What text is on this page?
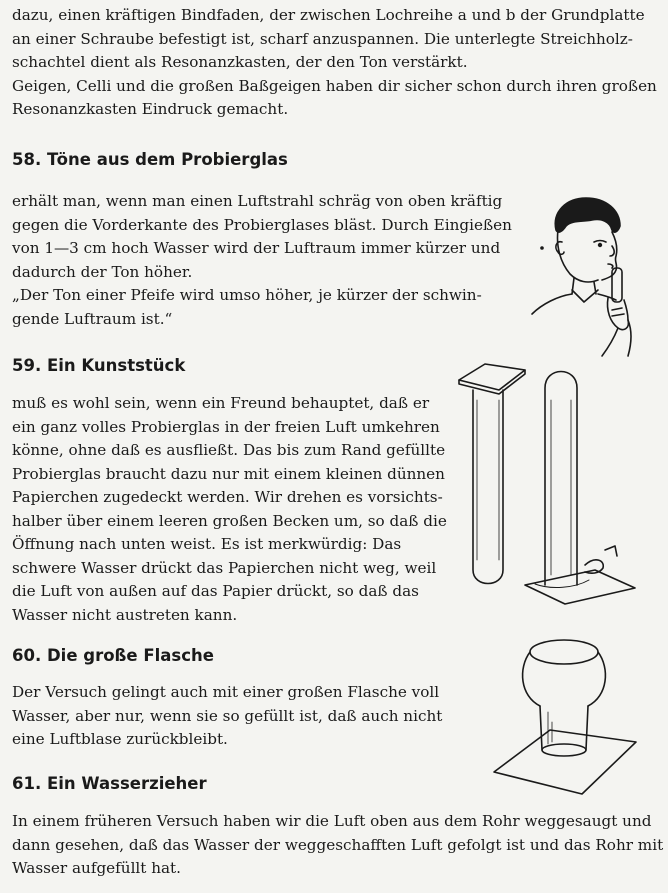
dazu, einen kräftigen Bindfaden, der zwischen Lochreihe a und b der Grundplatte
an einer Schraube befestigt ist, scharf anzuspannen. Die unterlegte Streichholz-
schachtel dient als Resonanzkasten, der den Ton verstärkt.
Geigen, Celli und die großen Baßgeigen haben dir sicher schon durch ihren großen
Resonanzkasten Eindruck gemacht.
58. Töne aus dem Probierglas
erhält man, wenn man einen Luftstrahl schräg von oben kräftig
gegen die Vorderkante des Probierglases bläst. Durch Eingießen
von 1—3 cm hoch Wasser wird der Luftraum immer kürzer und
dadurch der Ton höher.
„Der Ton einer Pfeife wird umso höher, je kürzer der schwin-
gende Luftraum ist.“
59. Ein Kunststück
muß es wohl sein, wenn ein Freund behauptet, daß er
ein ganz volles Probierglas in der freien Luft umkehren
könne, ohne daß es ausfließt. Das bis zum Rand gefüllte
Probierglas braucht dazu nur mit einem kleinen dünnen
Papierchen zugedeckt werden. Wir drehen es vorsichts-
halber über einem leeren großen Becken um, so daß die
Öffnung nach unten weist. Es ist merkwürdig: Das
schwere Wasser drückt das Papierchen nicht weg, weil
die Luft von außen auf das Papier drückt, so daß das
Wasser nicht austreten kann.
60. Die große Flasche
Der Versuch gelingt auch mit einer großen Flasche voll
Wasser, aber nur, wenn sie so gefüllt ist, daß auch nicht
eine Luftblase zurückbleibt.
61. Ein Wasserzieher
In einem früheren Versuch haben wir die Luft oben aus dem Rohr weggesaugt und
dann gesehen, daß das Wasser der weggeschafften Luft gefolgt ist und das Rohr mit
Wasser aufgefüllt hat.
